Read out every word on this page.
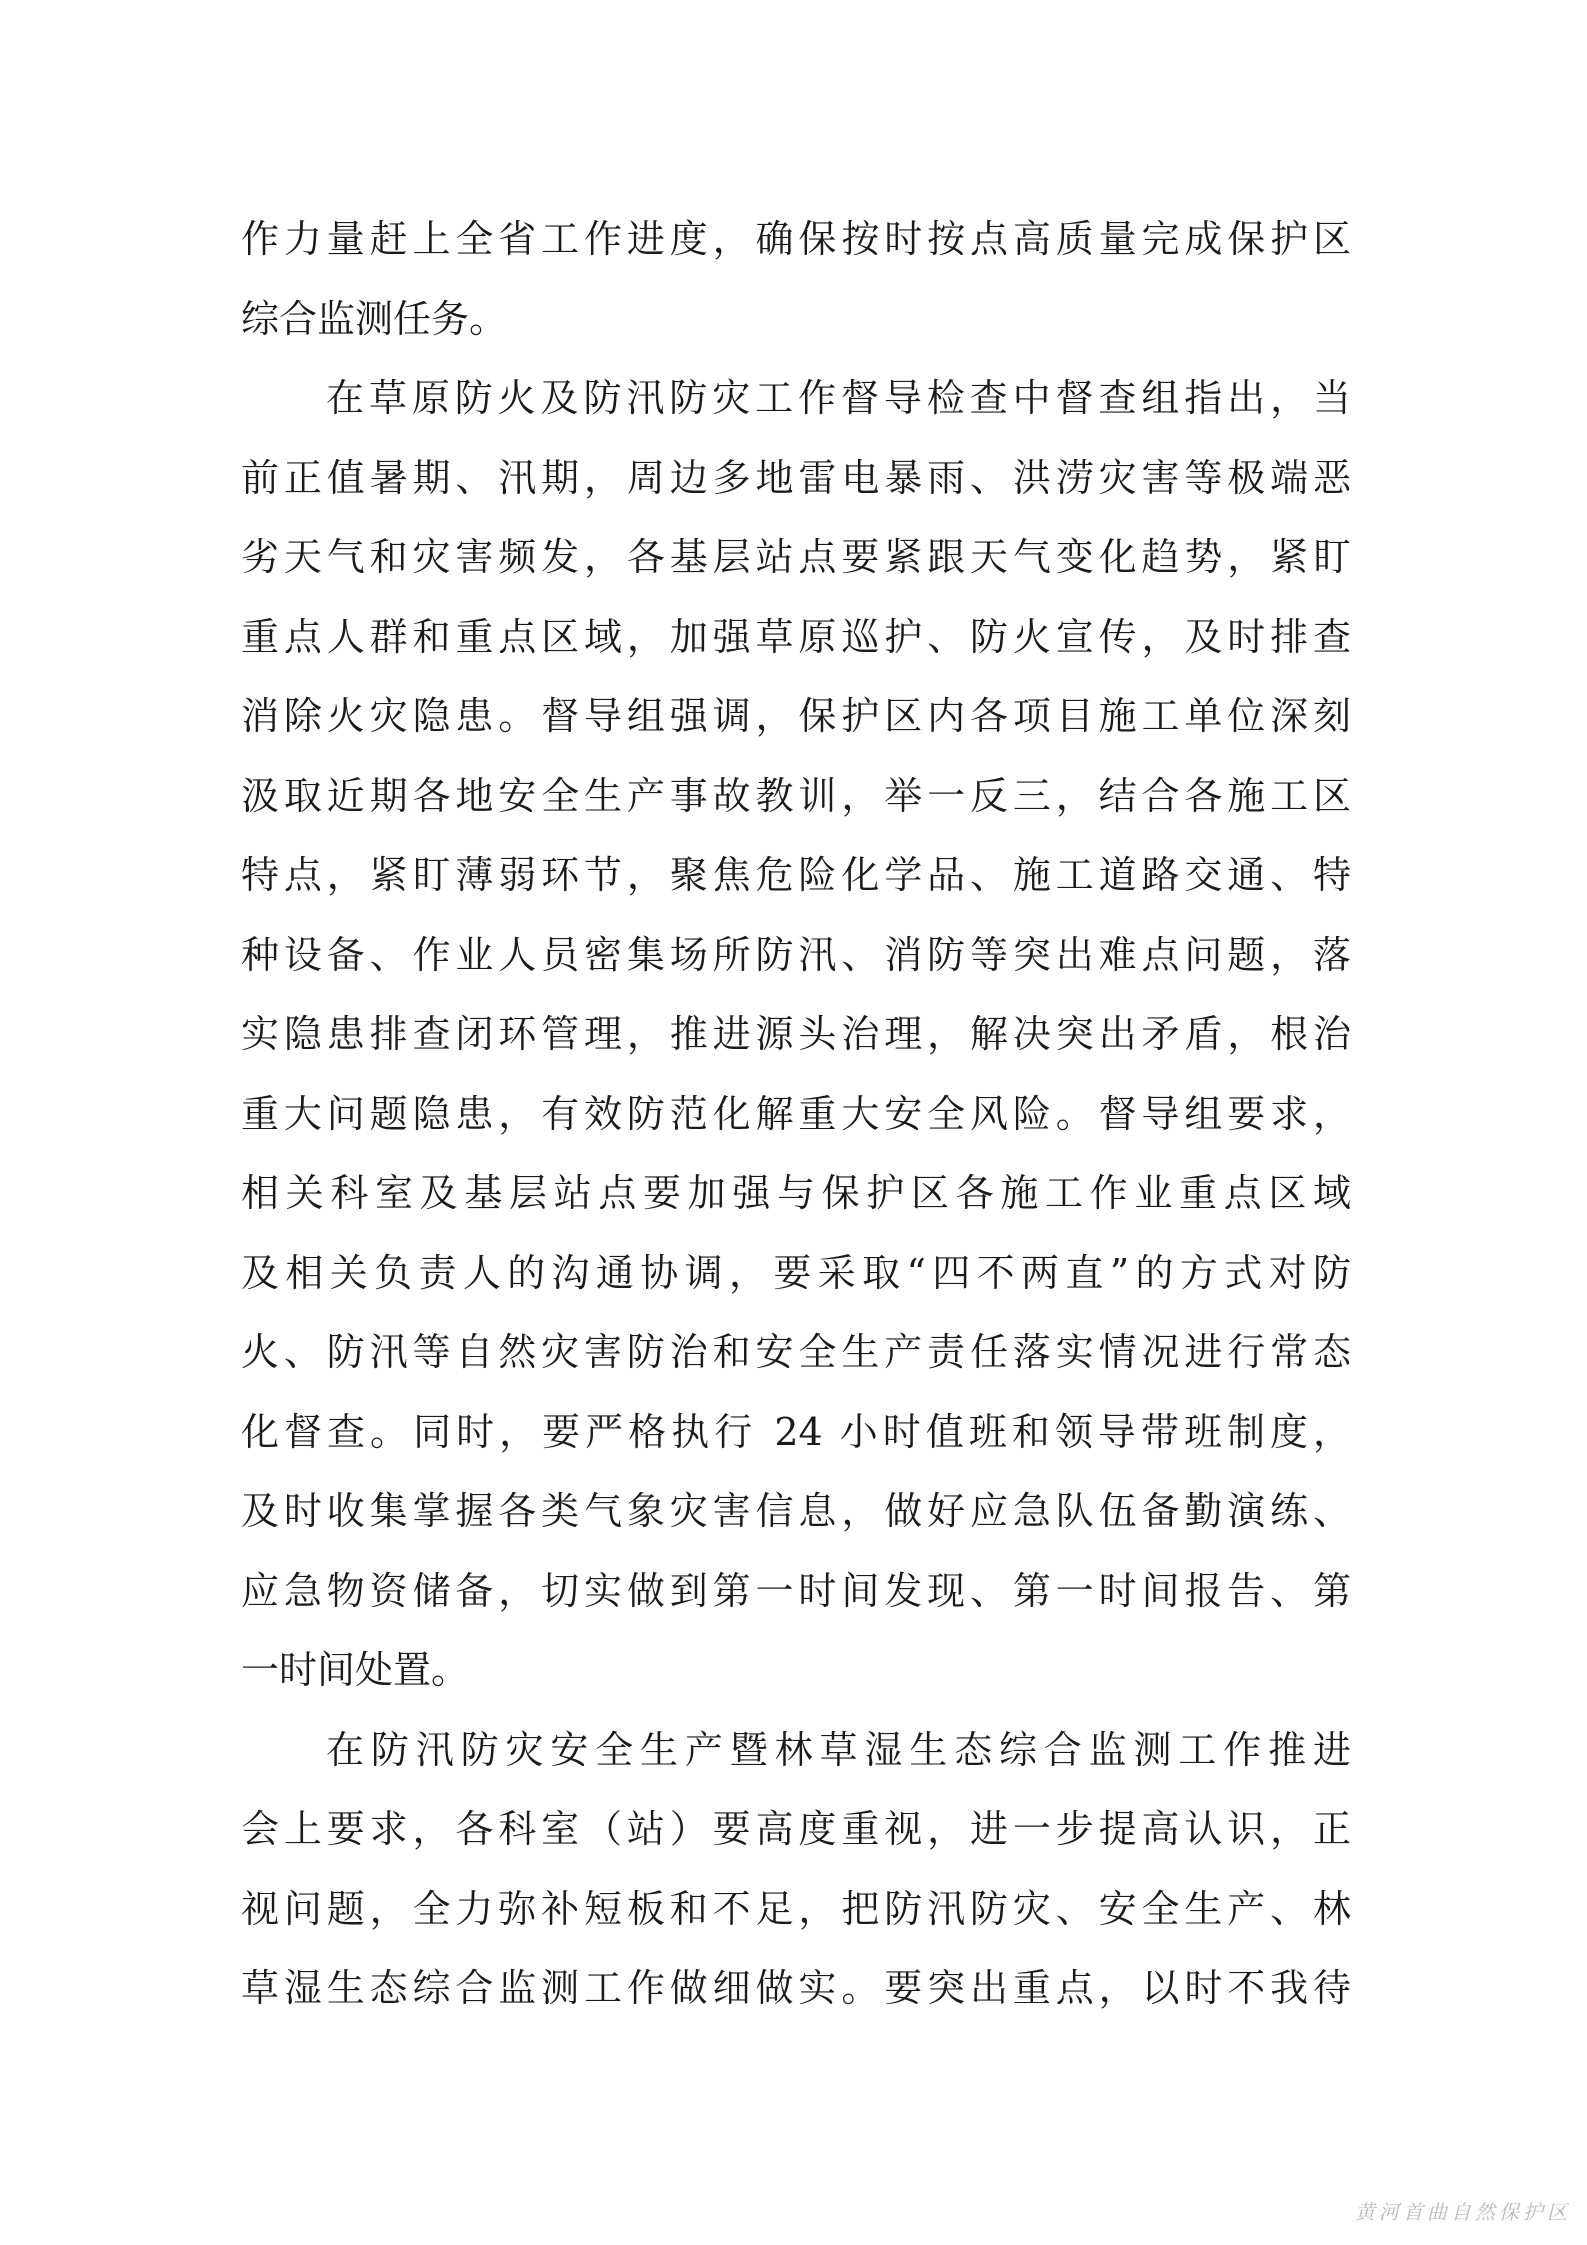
作力量赶上全省工作进度，确保按时按点高质量完成保护区
综合监测任务。
在草原防火及防汛防灾工作督导检查中督查组指出，当
前正值暑期、汛期，周边多地雷电暴雨、洪涝灾害等极端恶
劣天气和灾害频发，各基层站点要紧跟天气变化趋势，紧盯
重点人群和重点区域，加强草原巡护、防火宣传，及时排查
消除火灾隐患。督导组强调，保护区内各项目施工单位深刻
汲取近期各地安全生产事故教训，举一反三，结合各施工区
特点，紧盯薄弱环节，聚焦危险化学品、施工道路交通、特
种设备、作业人员密集场所防汛、消防等突出难点问题，落
实隐患排查闭环管理，推进源头治理，解决突出矛盾，根治
重大问题隐患，有效防范化解重大安全风险。督导组要求，
相关科室及基层站点要加强与保护区各施工作业重点区域
及相关负责人的沟通协调，要采取“四不两直”的方式对防
火、防汛等自然灾害防治和安全生产责任落实情况进行常态
化督查。同时，要严格执行 24 小时值班和领导带班制度，
及时收集掌握各类气象灾害信息，做好应急队伍备勤演练、
应急物资储备，切实做到第一时间发现、第一时间报告、第
一时间处置。
在防汛防灾安全生产暨林草湿生态综合监测工作推进
会上要求，各科室（站）要高度重视，进一步提高认识，正
视问题，全力弥补短板和不足，把防汛防灾、安全生产、林
草湿生态综合监测工作做细做实。要突出重点，以时不我待
黄河首曲自然保护区
